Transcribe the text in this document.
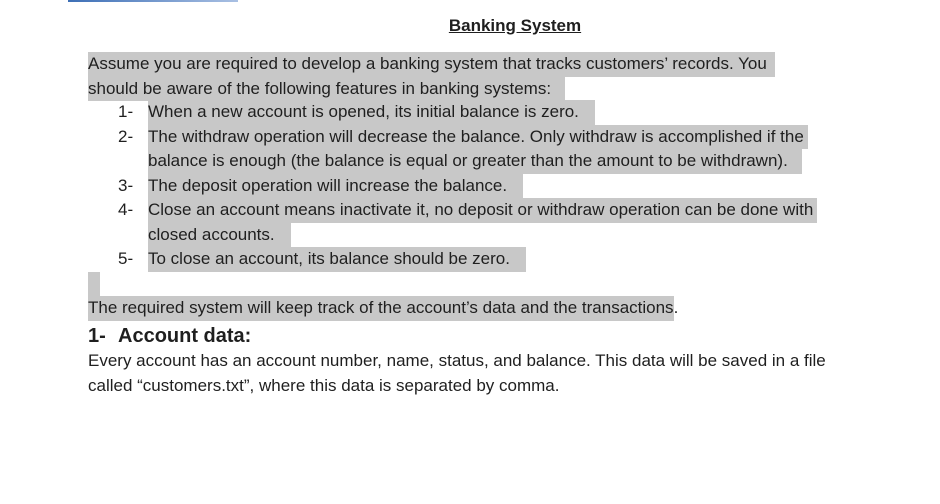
Banking System
Assume you are required to develop a banking system that tracks customers’ records. You
should be aware of the following features in banking systems:
1- When a new account is opened, its initial balance is zero.
2- The withdraw operation will decrease the balance. Only withdraw is accomplished if the
balance is enough (the balance is equal or greater than the amount to be withdrawn).
3- The deposit operation will increase the balance.
4- Close an account means inactivate it, no deposit or withdraw operation can be done with
closed accounts.
5- To close an account, its balance should be zero.
The required system will keep track of the account’s data and the transactions.
1- Account data:
Every account has an account number, name, status, and balance. This data will be saved in a file
called “customers.txt”, where this data is separated by comma.
